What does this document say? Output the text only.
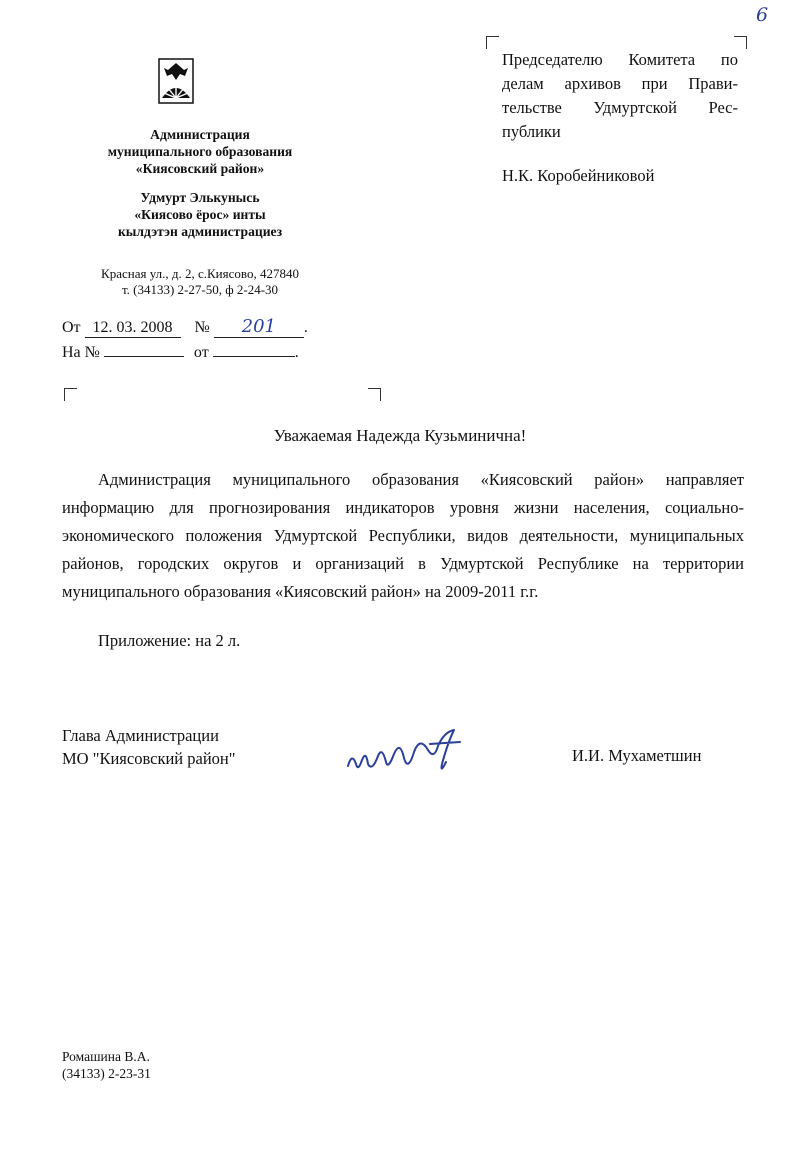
6
Председателю Комитета по
делам архивов при Прави-
тельстве Удмуртской Рес-
публики
Н.К. Коробейниковой
Администрация
муниципального образования
«Киясовский район»
Удмурт Элькунысь
«Киясово ёрос» инты
кылдэтэн администрациез
Красная ул., д. 2, с.Киясово, 427840
т. (34133) 2-27-50, ф 2-24-30
От 12. 03. 2008 № 201 .
На №	от	.
Уважаемая Надежда Кузьминична!
Администрация муниципального образования «Киясовский район» направляет информацию для прогнозирования индикаторов уровня жизни населения, социально-экономического положения Удмуртской Республики, видов деятельности, муниципальных районов, городских округов и организаций в Удмуртской Республике на территории муниципального образования «Киясовский район» на 2009-2011 г.г.
Приложение: на 2 л.
Глава Администрации
МО "Киясовский район"	И.И. Мухаметшин
Ромашина В.А.
(34133) 2-23-31
